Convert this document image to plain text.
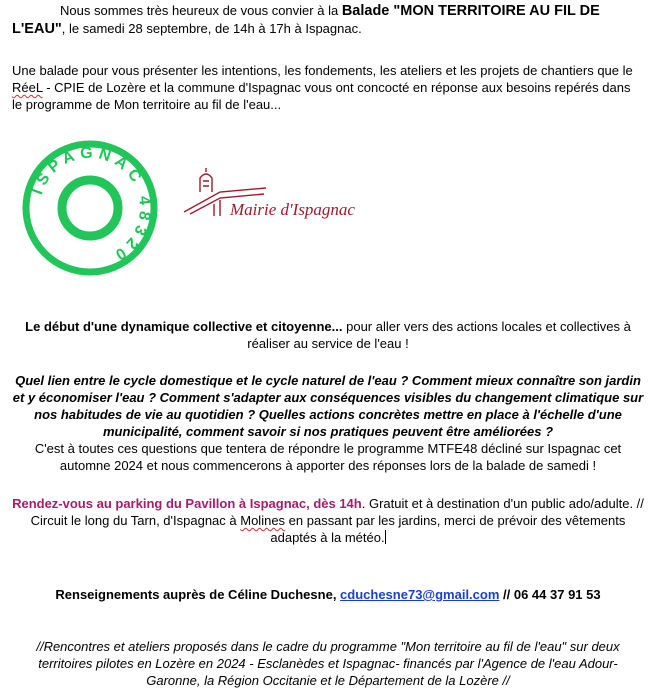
Nous sommes très heureux de vous convier à la Balade "MON TERRITOIRE AU FIL DE L'EAU", le samedi 28 septembre, de 14h à 17h à Ispagnac.

Une balade pour vous présenter les intentions, les fondements, les ateliers et les projets de chantiers que le RéeL - CPIE de Lozère et la commune d'Ispagnac vous ont concocté en réponse aux besoins repérés dans le programme de Mon territoire au fil de l'eau...

ISPAGNAC 48320
Mairie d'Ispagnac

Le début d'une dynamique collective et citoyenne... pour aller vers des actions locales et collectives à réaliser au service de l'eau !

Quel lien entre le cycle domestique et le cycle naturel de l'eau ? Comment mieux connaître son jardin et y économiser l'eau ? Comment s'adapter aux conséquences visibles du changement climatique sur nos habitudes de vie au quotidien ? Quelles actions concrètes mettre en place à l'échelle d'une municipalité, comment savoir si nos pratiques peuvent être améliorées ?
C'est à toutes ces questions que tentera de répondre le programme MTFE48 décliné sur Ispagnac cet automne 2024 et nous commencerons à apporter des réponses lors de la balade de samedi !

Rendez-vous au parking du Pavillon à Ispagnac, dès 14h. Gratuit et à destination d'un public ado/adulte. // Circuit le long du Tarn, d'Ispagnac à Molines en passant par les jardins, merci de prévoir des vêtements adaptés à la météo.

Renseignements auprès de Céline Duchesne, cduchesne73@gmail.com // 06 44 37 91 53

//Rencontres et ateliers proposés dans le cadre du programme "Mon territoire au fil de l'eau" sur deux territoires pilotes en Lozère en 2024 - Esclanèdes et Ispagnac- financés par l'Agence de l'eau Adour-Garonne, la Région Occitanie et le Département de la Lozère //
